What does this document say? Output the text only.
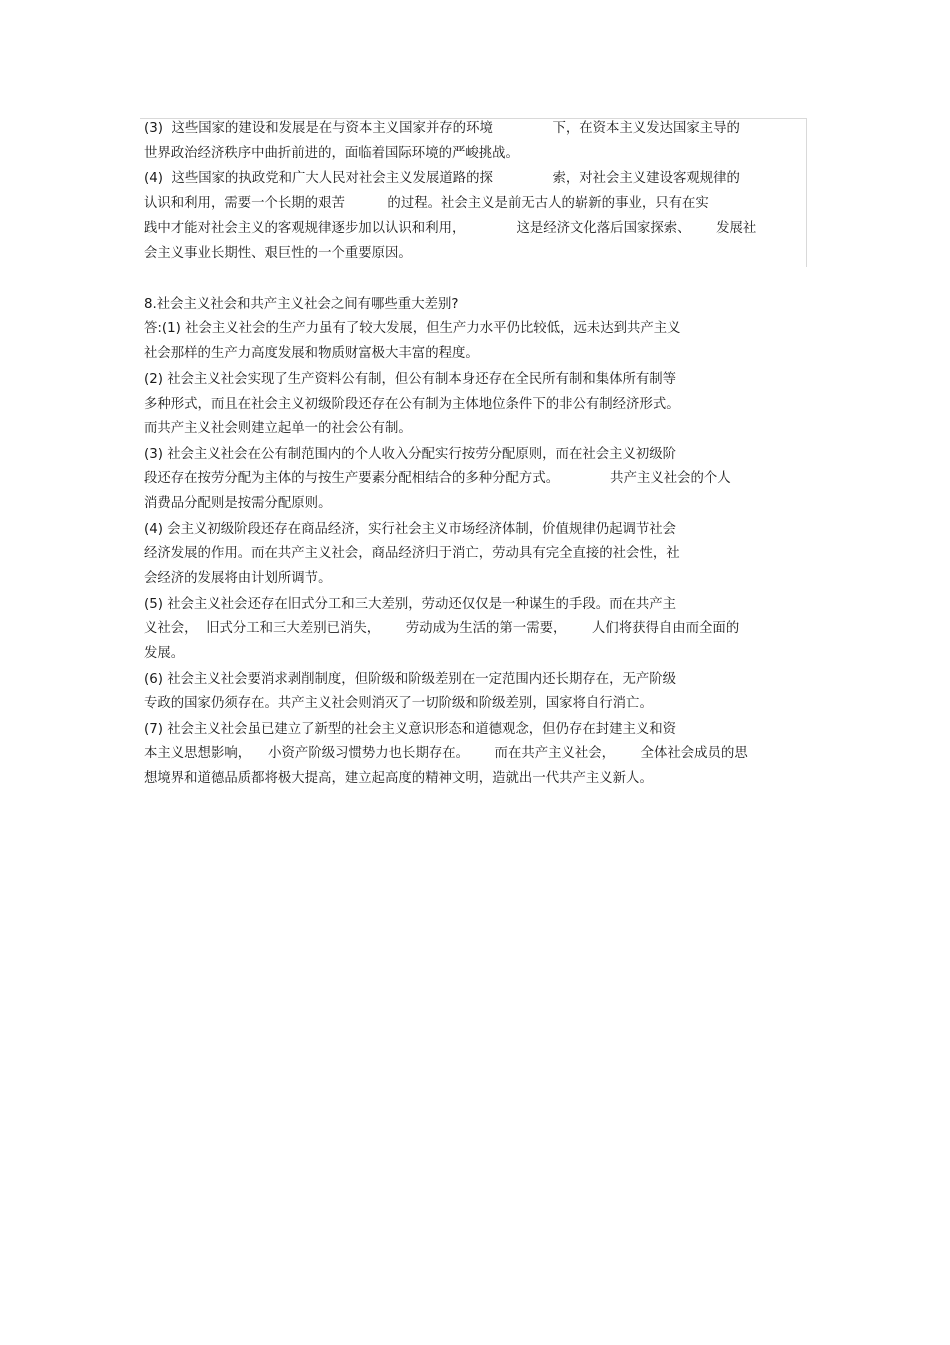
(3)  这些国家的建设和发展是在与资本主义国家并存的环境              下，在资本主义发达国家主导的
世界政治经济秩序中曲折前进的，面临着国际环境的严峻挑战。
(4)  这些国家的执政党和广大人民对社会主义发展道路的探              索，对社会主义建设客观规律的
认识和利用，需要一个长期的艰苦          的过程。社会主义是前无古人的崭新的事业，只有在实
践中才能对社会主义的客观规律逐步加以认识和利用，            这是经济文化落后国家探索、      发展社
会主义事业长期性、艰巨性的一个重要原因。
8.社会主义社会和共产主义社会之间有哪些重大差别?
答:(1) 社会主义社会的生产力虽有了较大发展，但生产力水平仍比较低，远未达到共产主义
社会那样的生产力高度发展和物质财富极大丰富的程度。
(2) 社会主义社会实现了生产资料公有制，但公有制本身还存在全民所有制和集体所有制等
多种形式，而且在社会主义初级阶段还存在公有制为主体地位条件下的非公有制经济形式。
而共产主义社会则建立起单一的社会公有制。
(3) 社会主义社会在公有制范围内的个人收入分配实行按劳分配原则，而在社会主义初级阶
段还存在按劳分配为主体的与按生产要素分配相结合的多种分配方式。            共产主义社会的个人
消费品分配则是按需分配原则。
(4) 会主义初级阶段还存在商品经济，实行社会主义市场经济体制，价值规律仍起调节社会
经济发展的作用。而在共产主义社会，商品经济归于消亡，劳动具有完全直接的社会性，社
会经济的发展将由计划所调节。
(5) 社会主义社会还存在旧式分工和三大差别，劳动还仅仅是一种谋生的手段。而在共产主
义社会，  旧式分工和三大差别已消失，      劳动成为生活的第一需要，      人们将获得自由而全面的
发展。
(6) 社会主义社会要消求剥削制度，但阶级和阶级差别在一定范围内还长期存在，无产阶级
专政的国家仍须存在。共产主义社会则消灭了一切阶级和阶级差别，国家将自行消亡。
(7) 社会主义社会虽已建立了新型的社会主义意识形态和道德观念，但仍存在封建主义和资
本主义思想影响，    小资产阶级习惯势力也长期存在。      而在共产主义社会，      全体社会成员的思
想境界和道德品质都将极大提高，建立起高度的精神文明，造就出一代共产主义新人。
